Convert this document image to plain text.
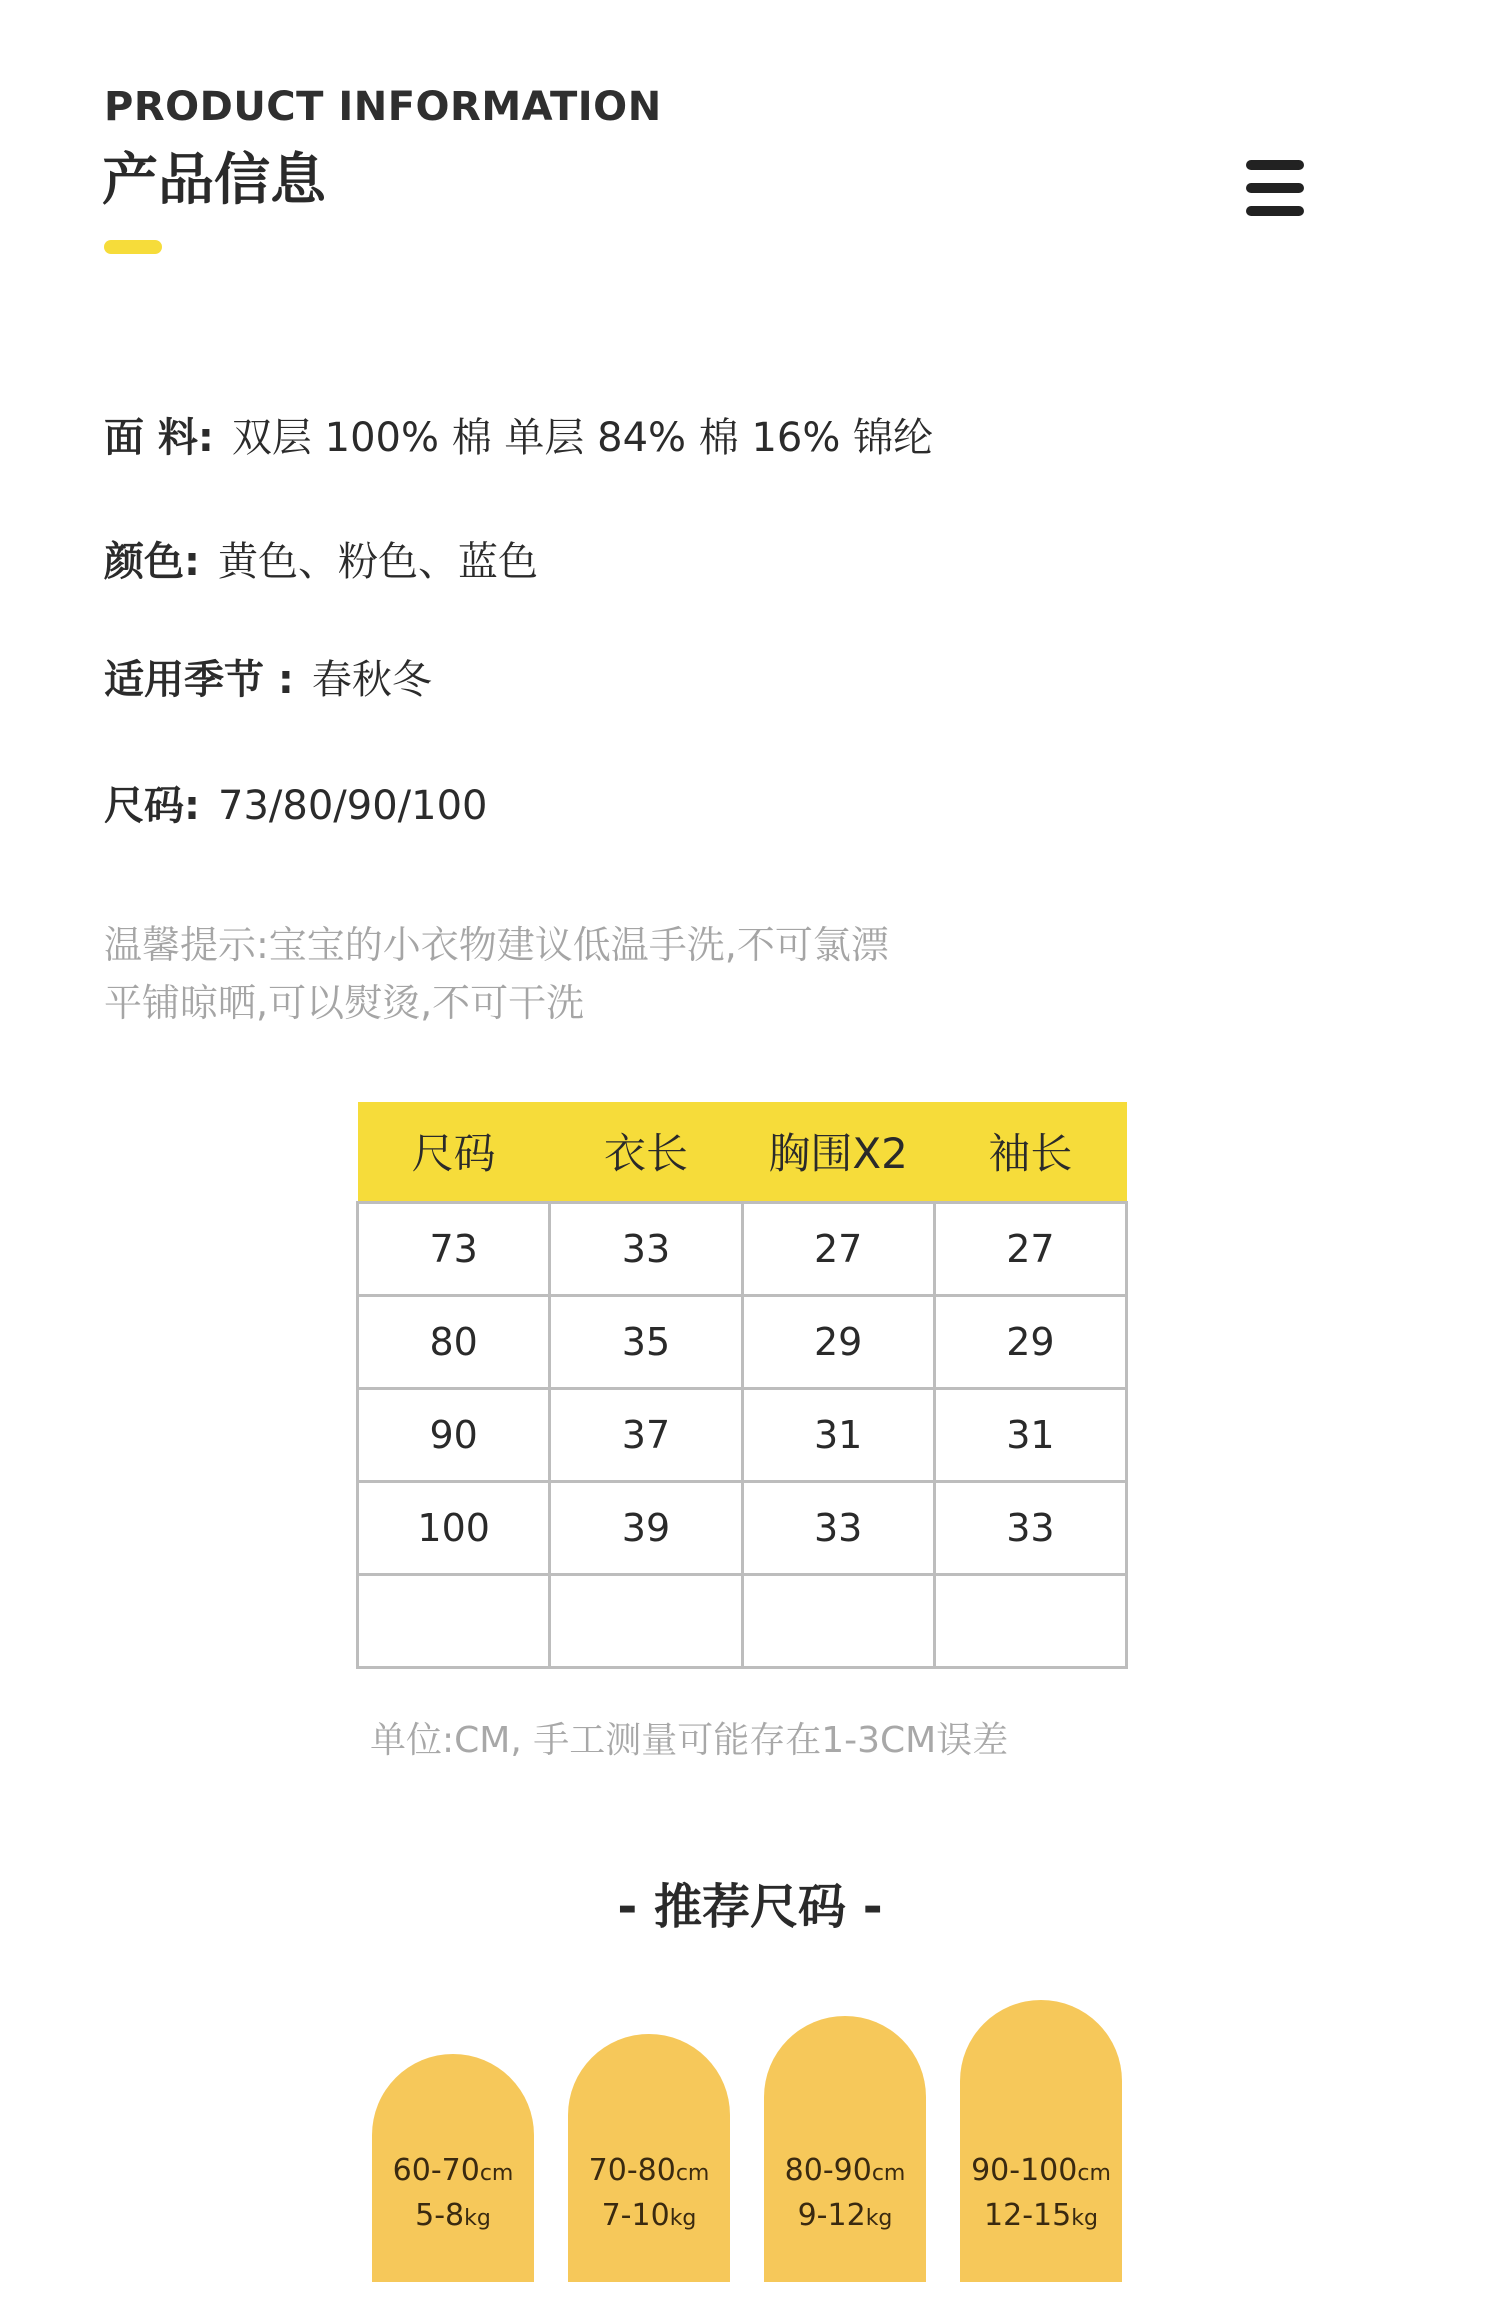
PRODUCT INFORMATION
产品信息
面 料: 双层 100% 棉 单层 84% 棉 16% 锦纶
颜色: 黄色、粉色、蓝色
适用季节 : 春秋冬
尺码: 73/80/90/100
温馨提示:宝宝的小衣物建议低温手洗,不可氯漂
平铺晾晒,可以熨烫,不可干洗
尺码	衣长	胸围X2	袖长
73	33	27	27
80	35	29	29
90	37	31	31
100	39	33	33

单位:CM, 手工测量可能存在1-3CM误差
- 推荐尺码 -
60-70cm
5-8kg
70-80cm
7-10kg
80-90cm
9-12kg
90-100cm
12-15kg
